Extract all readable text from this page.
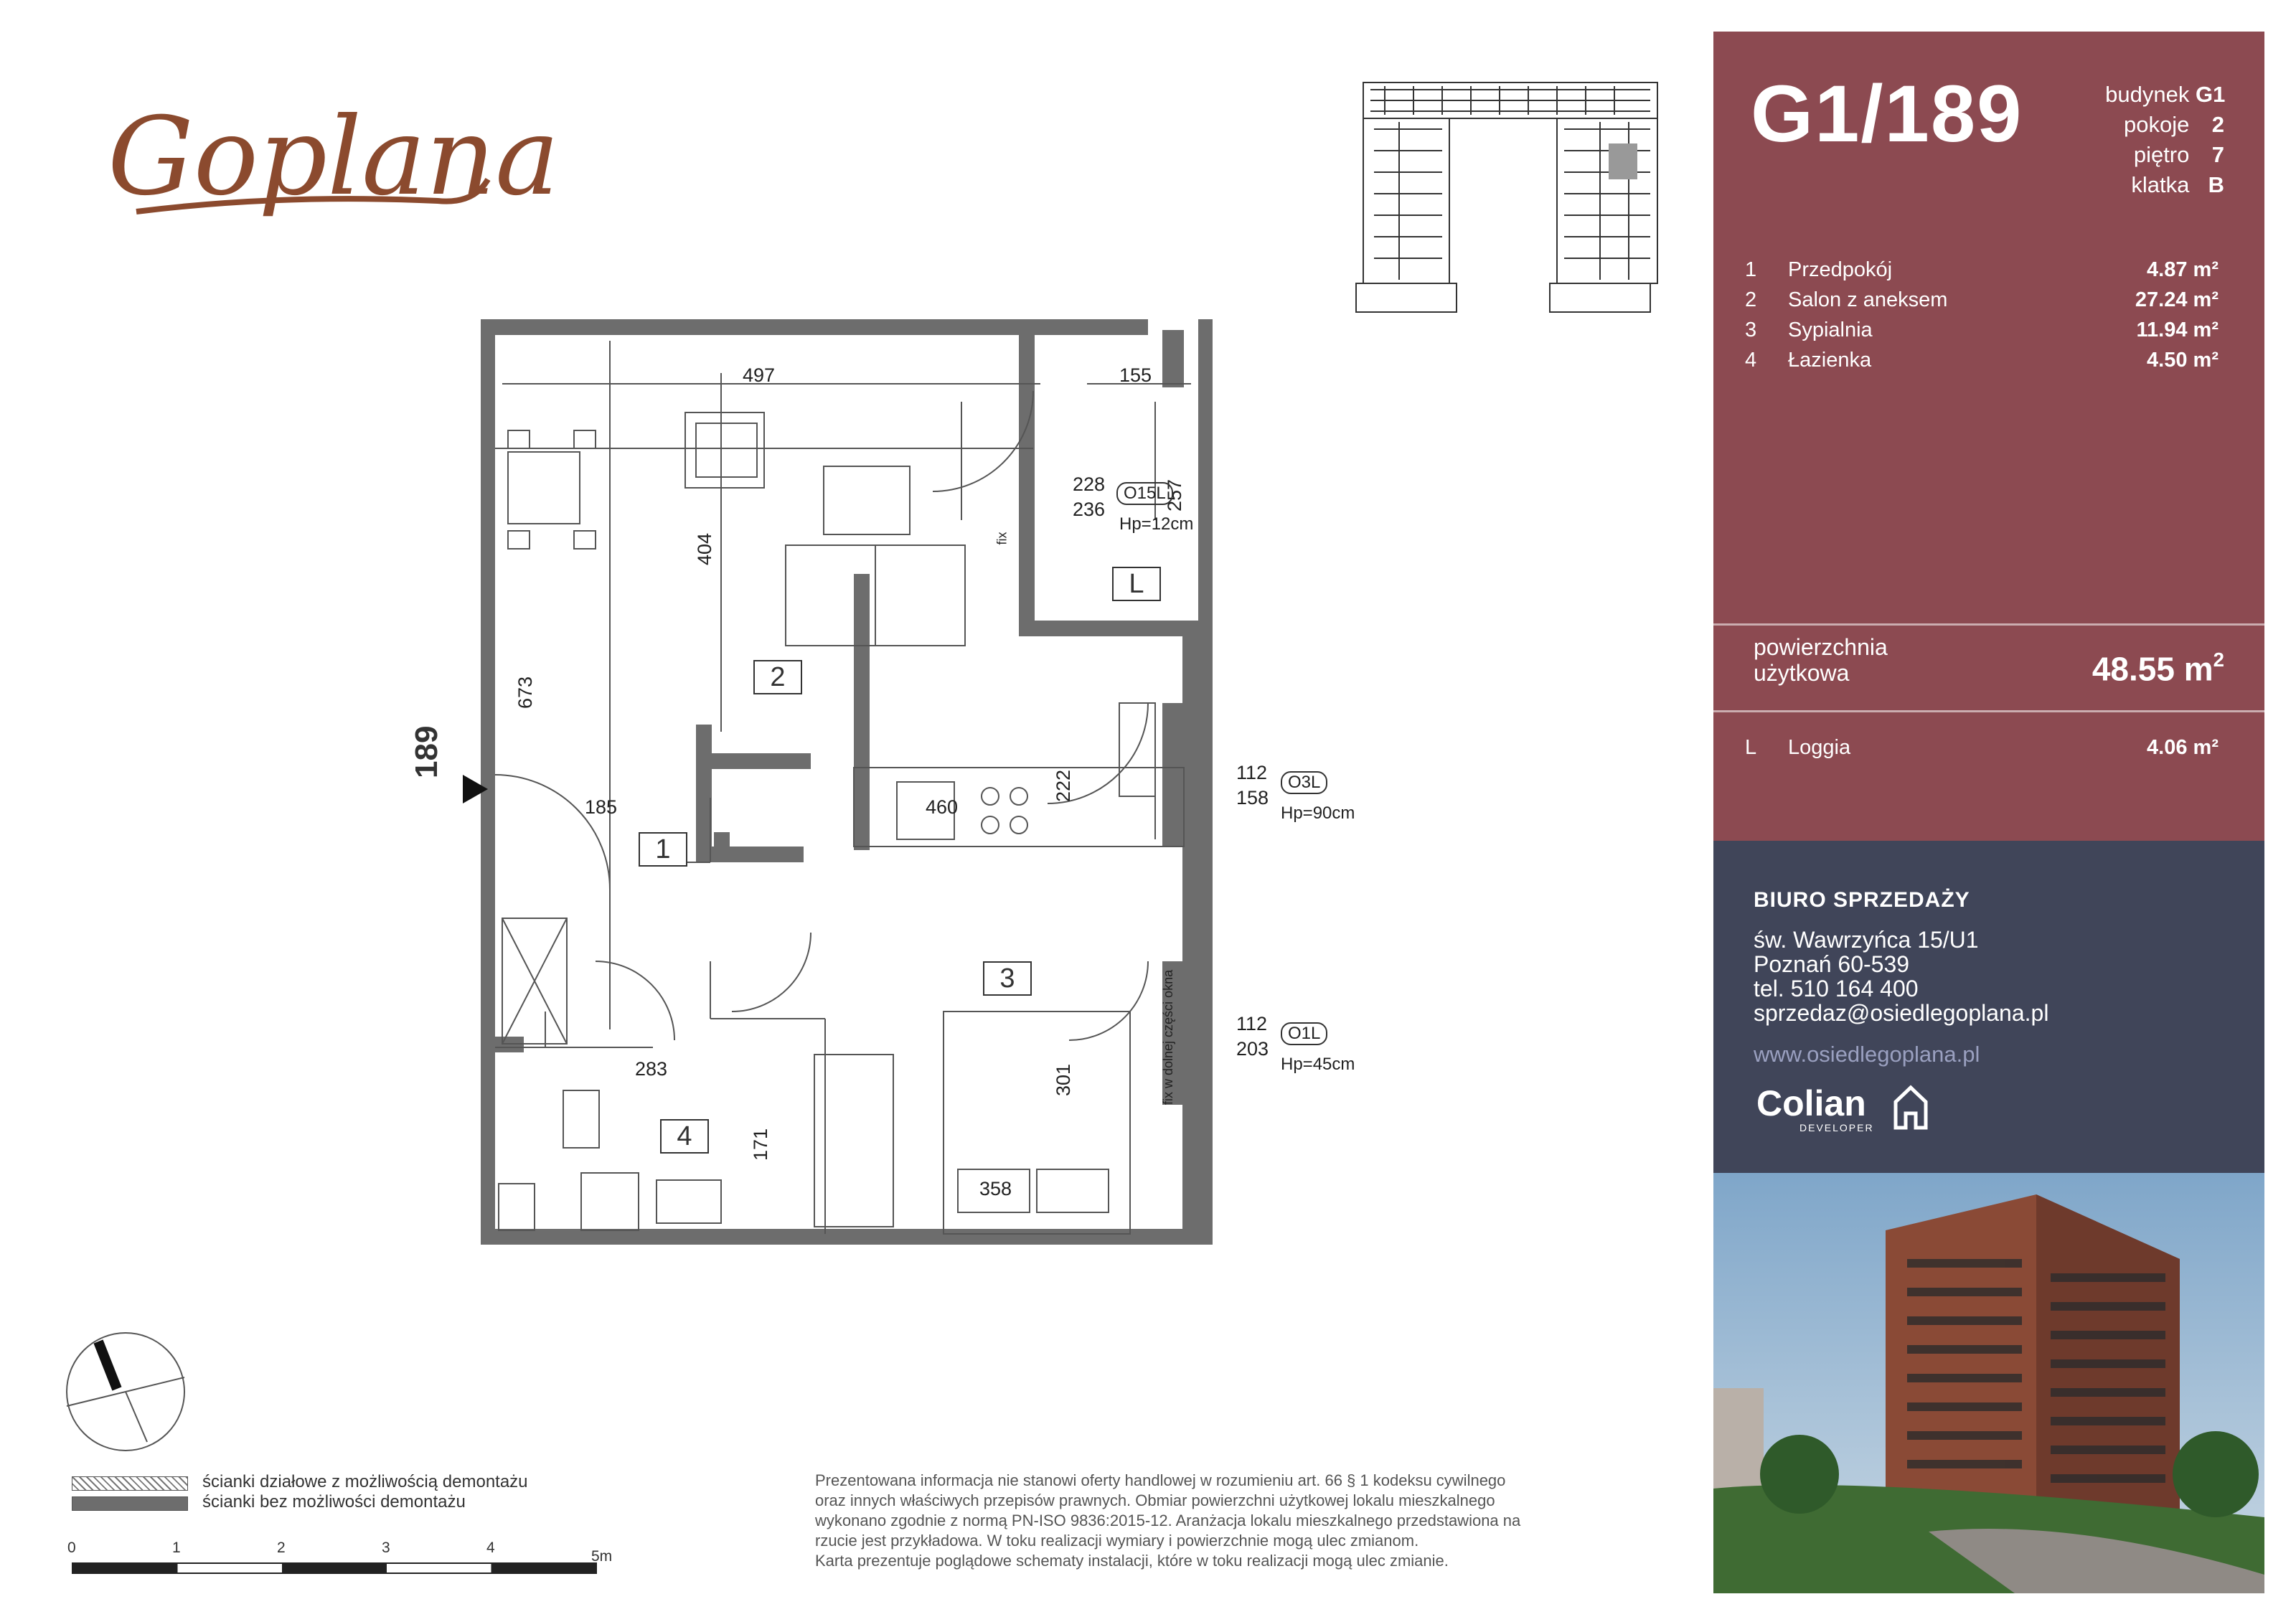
Goplana
1
2
3
4
L
189
497	155
404
673
185	460
222
283
171
301
358
257
228
236
112
158
112
203
O15L
Hp=12cm
O3L
Hp=90cm
O1L
Hp=45cm
fix
fix w dolnej części okna
ścianki działowe z możliwością demontażu
ścianki bez możliwości demontażu
0	1	2	3	4
5m
Prezentowana informacja nie stanowi oferty handlowej w rozumieniu art. 66 § 1 kodeksu cywilnego
oraz innych właściwych przepisów prawnych. Obmiar powierzchni użytkowej lokalu mieszkalnego
wykonano zgodnie z normą PN-ISO 9836:2015-12. Aranżacja lokalu mieszkalnego przedstawiona na
rzucie jest przykładowa. W toku realizacji wymiary i powierzchnie mogą ulec zmianom.
Karta prezentuje poglądowe schematy instalacji, które w toku realizacji mogą ulec zmianie.
G1/189	budynek G1
pokoje 2
piętro 7
klatka B
1 Przedpokój	4.87 m²
2 Salon z aneksem	27.24 m²
3 Sypialnia	11.94 m²
4 Łazienka	4.50 m²
powierzchnia
użytkowa	48.55 $m^2$
L Loggia	4.06 m²
BIURO SPRZEDAŻY
św. Wawrzyńca 15/U1
Poznań 60-539
tel. 510 164 400
sprzedaz@osiedlegoplana.pl
www.osiedlegoplana.pl
Colian
DEVELOPER
